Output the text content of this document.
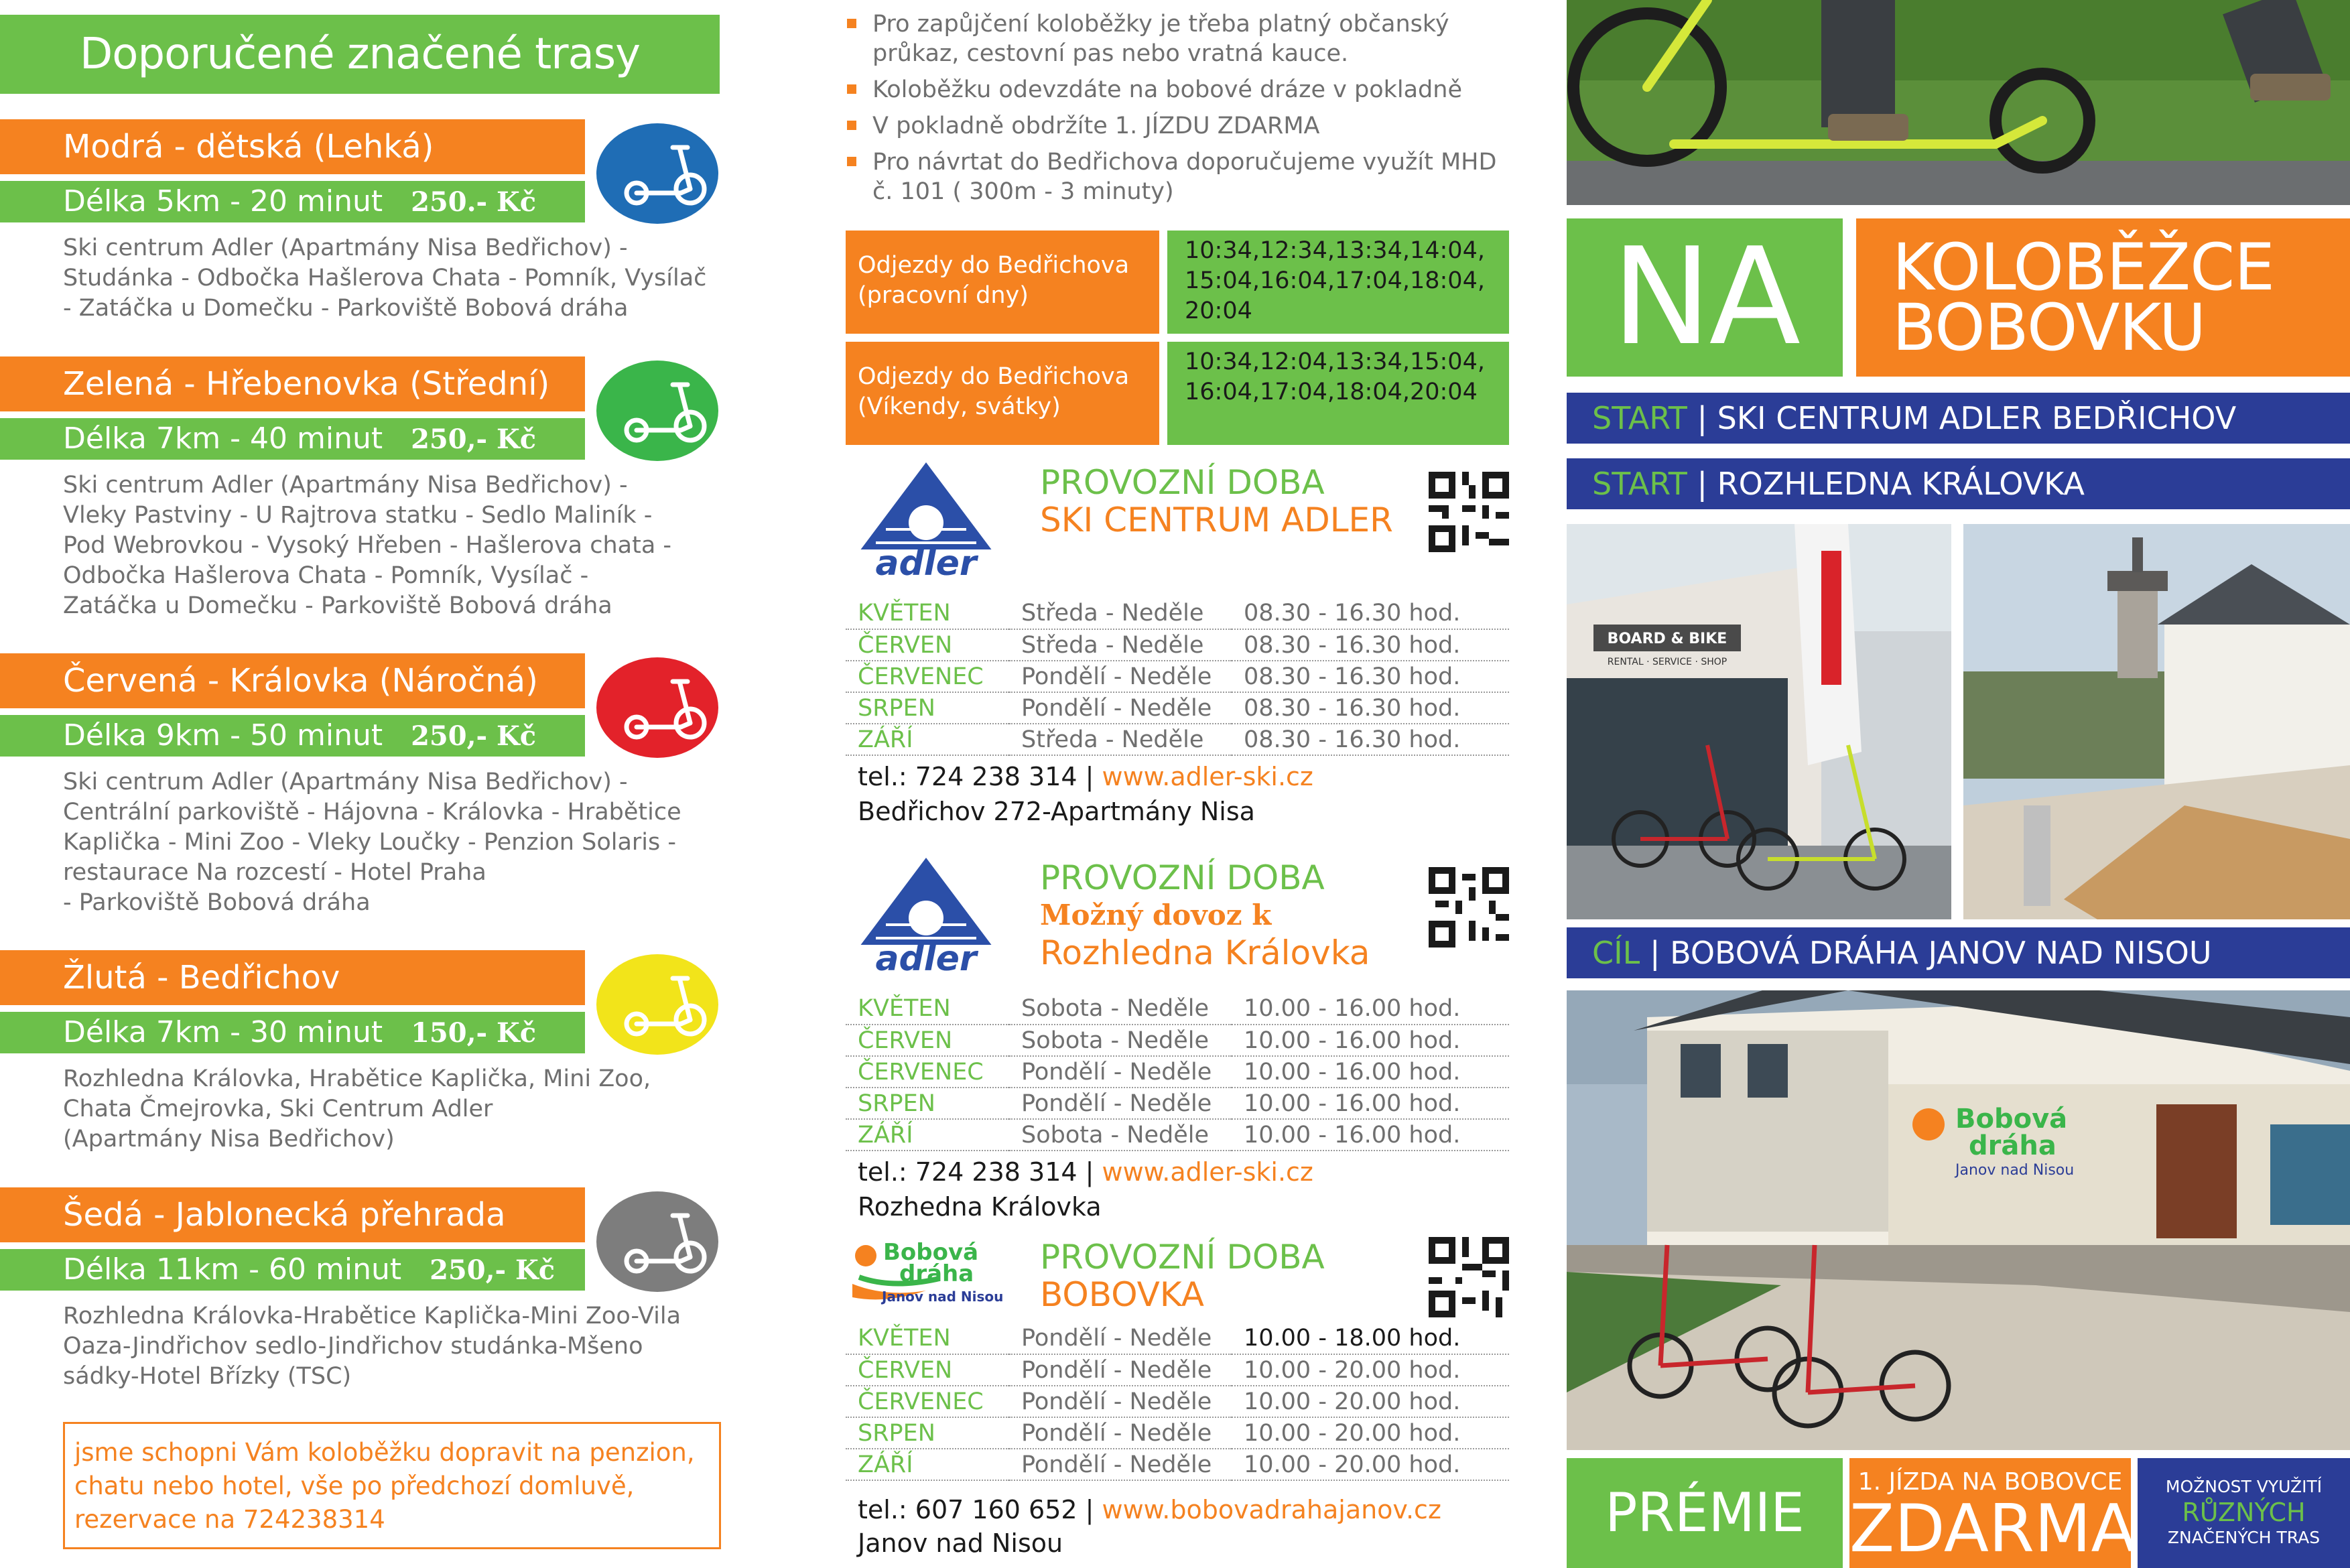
Doporučené značené trasy
Modrá - dětská (Lehká)
Délka 5km - 20 minut 250.- Kč
Ski centrum Adler (Apartmány Nisa Bedřichov) -
Studánka - Odbočka Hašlerova Chata - Pomník, Vysílač
- Zatáčka u Domečku - Parkoviště Bobová dráha
Zelená - Hřebenovka (Střední)
Délka 7km - 40 minut 250,- Kč
Ski centrum Adler (Apartmány Nisa Bedřichov) -
Vleky Pastviny - U Rajtrova statku - Sedlo Maliník -
Pod Webrovkou - Vysoký Hřeben - Hašlerova chata -
Odbočka Hašlerova Chata - Pomník, Vysílač -
Zatáčka u Domečku - Parkoviště Bobová dráha
Červená - Královka (Náročná)
Délka 9km - 50 minut 250,- Kč
Ski centrum Adler (Apartmány Nisa Bedřichov) -
Centrální parkoviště - Hájovna - Královka - Hrabětice
Kaplička - Mini Zoo - Vleky Loučky - Penzion Solaris -
restaurace Na rozcestí - Hotel Praha
- Parkoviště Bobová dráha
Žlutá - Bedřichov
Délka 7km - 30 minut 150,- Kč
Rozhledna Královka, Hrabětice Kaplička, Mini Zoo,
Chata Čmejrovka, Ski Centrum Adler
(Apartmány Nisa Bedřichov)
Šedá - Jablonecká přehrada
Délka 11km - 60 minut 250,- Kč
Rozhledna Královka-Hrabětice Kaplička-Mini Zoo-Vila
Oaza-Jindřichov sedlo-Jindřichov studánka-Mšeno
sádky-Hotel Břízky (TSC)
jsme schopni Vám koloběžku dopravit na penzion, chatu nebo hotel, vše po předchozí domluvě, rezervace na 724238314
Pro zapůjčení koloběžky je třeba platný občanský průkaz, cestovní pas nebo vratná kauce.
Koloběžku odevzdáte na bobové dráze v pokladně
V pokladně obdržíte 1. JÍZDU ZDARMA
Pro návrtat do Bedřichova doporučujeme využít MHD č. 101 ( 300m - 3 minuty)
Odjezdy do Bedřichova (pracovní dny)
10:34,12:34,13:34,14:04, 15:04,16:04,17:04,18:04, 20:04
Odjezdy do Bedřichova (Víkendy, svátky)
10:34,12:04,13:34,15:04, 16:04,17:04,18:04,20:04
adler
PROVOZNÍ DOBA
SKI CENTRUM ADLER
KVĚTEN	Středa - Neděle	08.30 - 16.30 hod.
ČERVEN	Středa - Neděle	08.30 - 16.30 hod.
ČERVENEC	Pondělí - Neděle	08.30 - 16.30 hod.
SRPEN	Pondělí - Neděle	08.30 - 16.30 hod.
ZÁŘÍ	Středa - Neděle	08.30 - 16.30 hod.
tel.: 724 238 314 | www.adler-ski.cz
Bedřichov 272-Apartmány Nisa
adler
PROVOZNÍ DOBA
Možný dovoz k
Rozhledna Královka
KVĚTEN	Sobota - Neděle	10.00 - 16.00 hod.
ČERVEN	Sobota - Neděle	10.00 - 16.00 hod.
ČERVENEC	Pondělí - Neděle	10.00 - 16.00 hod.
SRPEN	Pondělí - Neděle	10.00 - 16.00 hod.
ZÁŘÍ	Sobota - Neděle	10.00 - 16.00 hod.
tel.: 724 238 314 | www.adler-ski.cz
Rozhedna Královka
Bobová
dráha
Janov nad Nisou
PROVOZNÍ DOBA
BOBOVKA
KVĚTEN	Pondělí - Neděle	10.00 - 18.00 hod.
ČERVEN	Pondělí - Neděle	10.00 - 20.00 hod.
ČERVENEC	Pondělí - Neděle	10.00 - 20.00 hod.
SRPEN	Pondělí - Neděle	10.00 - 20.00 hod.
ZÁŘÍ	Pondělí - Neděle	10.00 - 20.00 hod.
tel.: 607 160 652 | www.bobovadrahajanov.cz
Janov nad Nisou
NA	KOLOBĚŽCE
BOBOVKU
START | SKI CENTRUM ADLER BEDŘICHOV
START | ROZHLEDNA KRÁLOVKA
BOARD & BIKE
RENTAL · SERVICE · SHOP
CÍL | BOBOVÁ DRÁHA JANOV NAD NISOU
Bobová
dráha
Janov nad Nisou
PRÉMIE	1. JÍZDA NA BOBOVCE
ZDARMA
MOŽNOST VYUŽITÍ
RŮZNÝCH
ZNAČENÝCH TRAS
